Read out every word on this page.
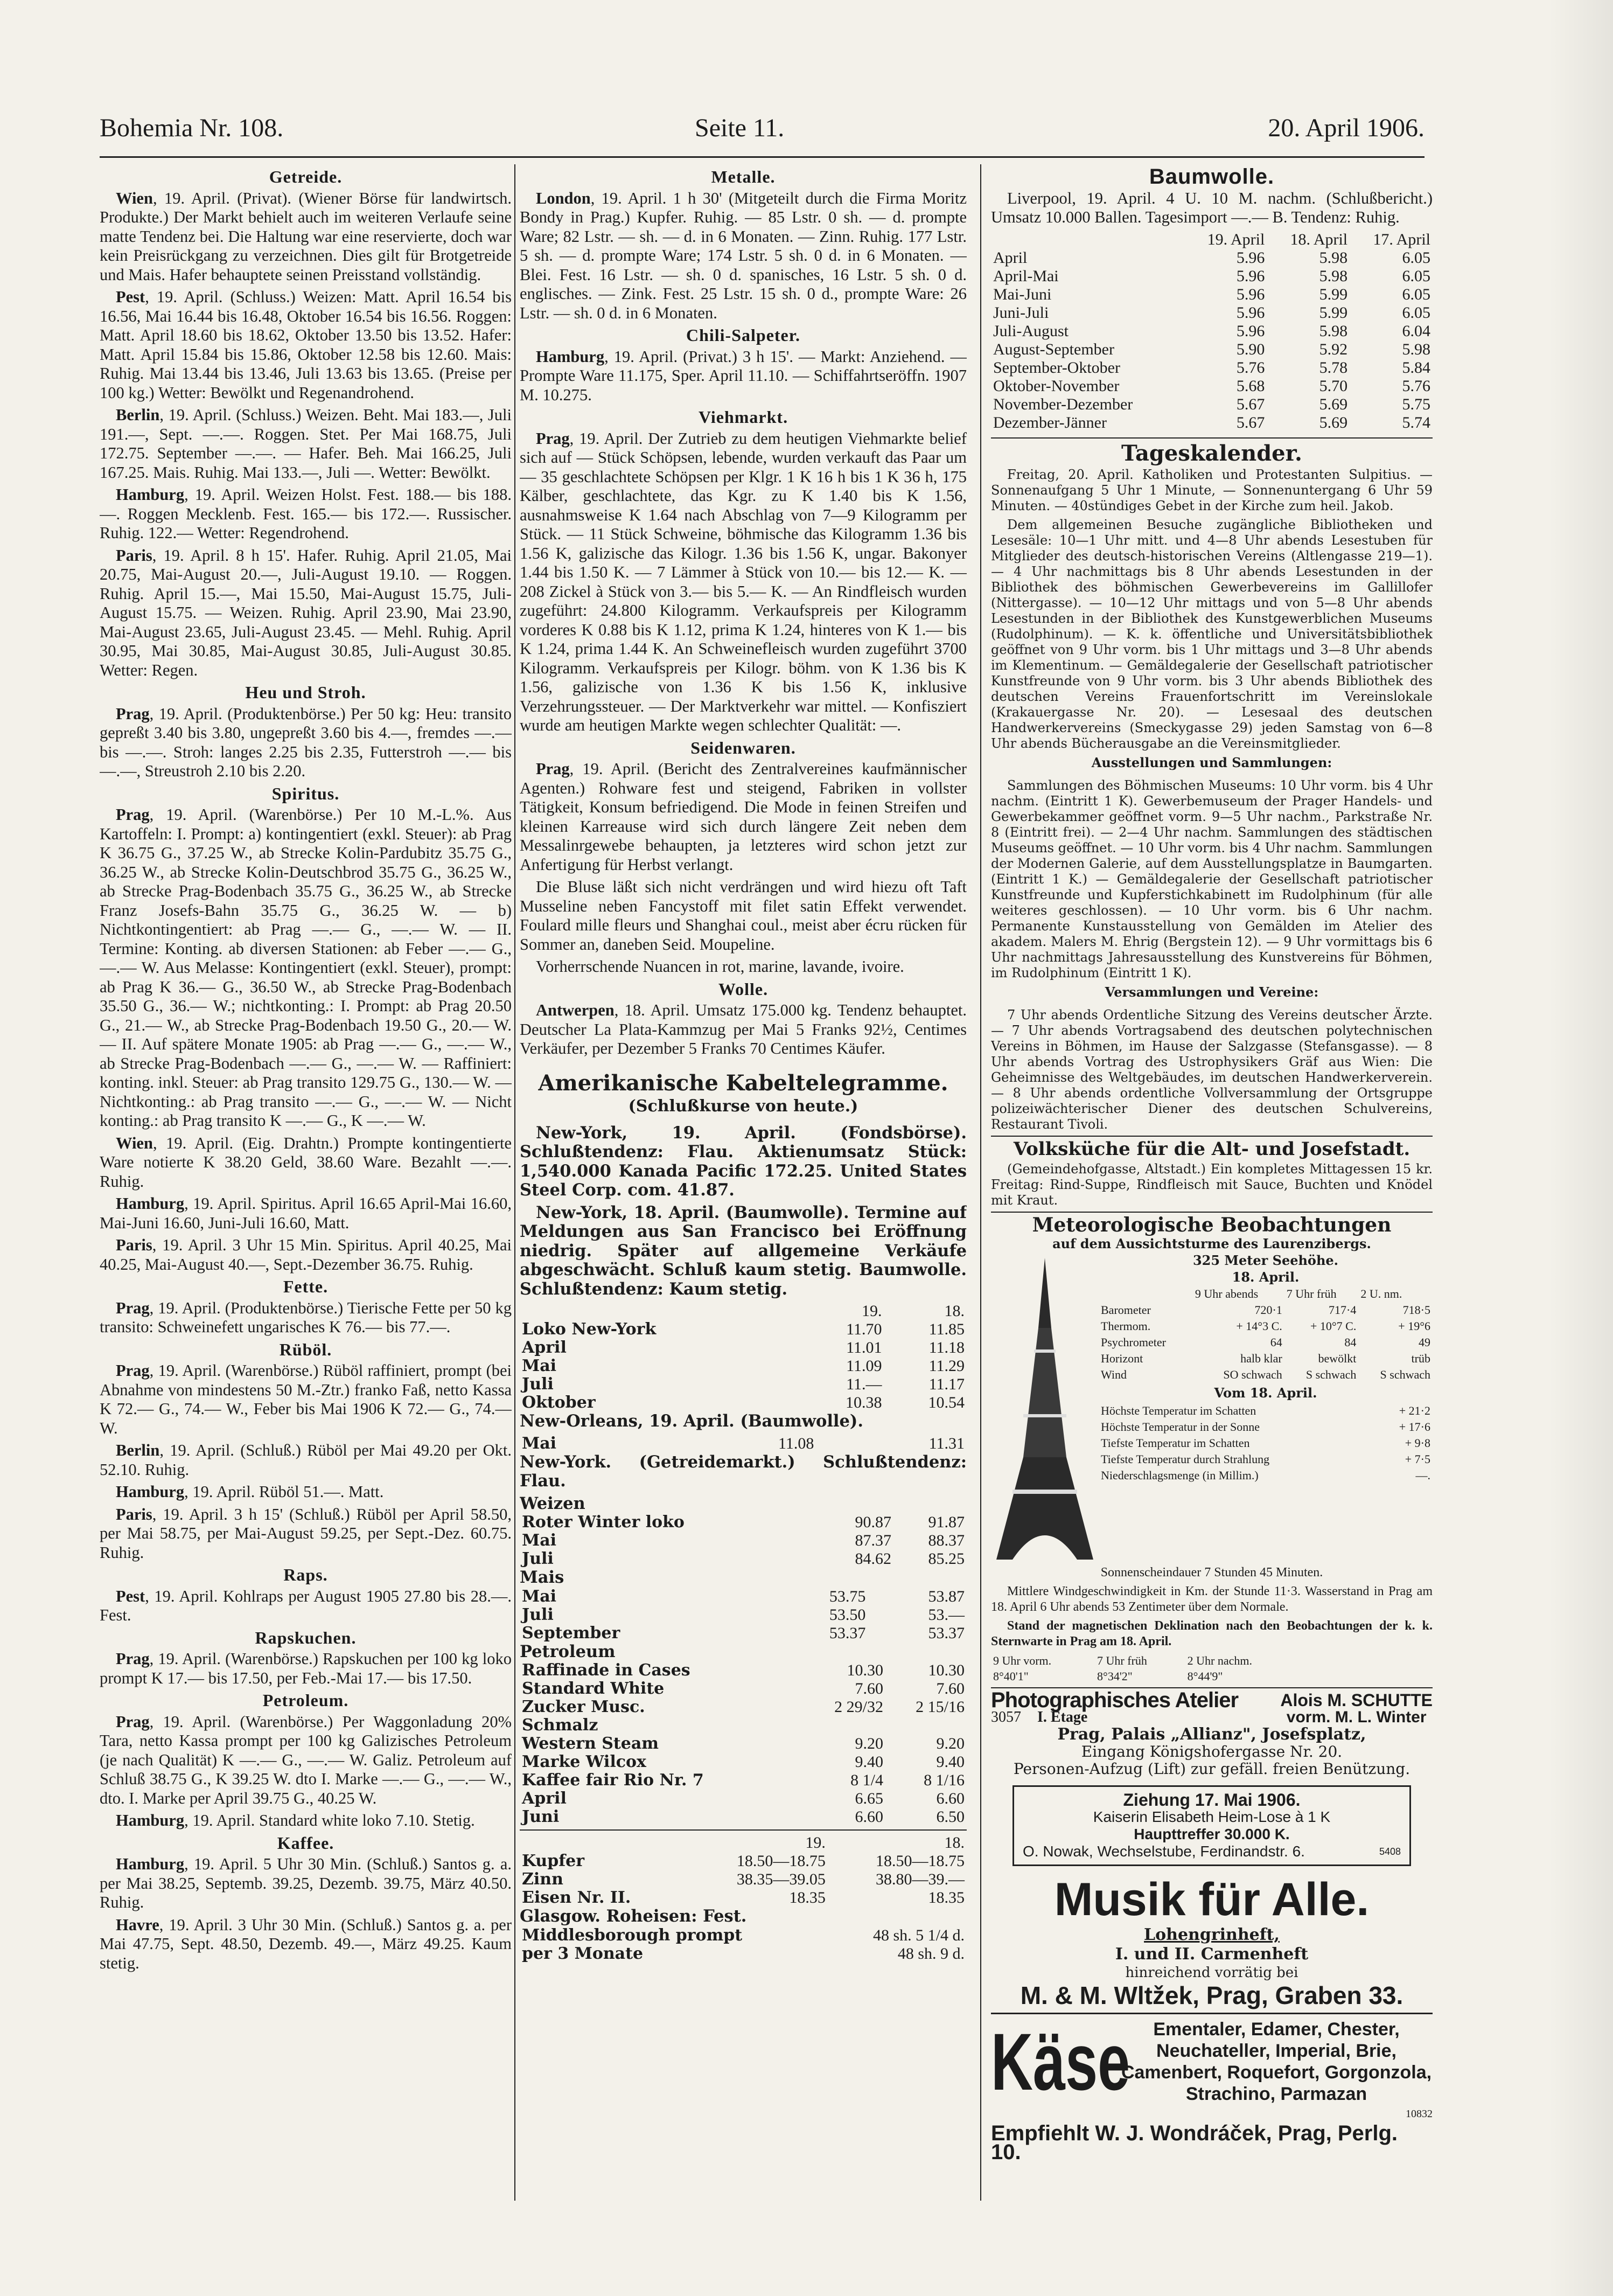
Bohemia Nr. 108.	Seite 11.	20. April 1906.
Getreide.

Wien, 19. April. (Privat). (Wiener Börse für landwirtsch. Produkte.) Der Markt behielt auch im weiteren Verlaufe seine matte Tendenz bei. Die Haltung war eine reservierte, doch war kein Preisrückgang zu verzeichnen. Dies gilt für Brotgetreide und Mais. Hafer behauptete seinen Preisstand vollständig.

Pest, 19. April. (Schluss.) Weizen: Matt. April 16.54 bis 16.56, Mai 16.44 bis 16.48, Oktober 16.54 bis 16.56. Roggen: Matt. April 18.60 bis 18.62, Oktober 13.50 bis 13.52. Hafer: Matt. April 15.84 bis 15.86, Oktober 12.58 bis 12.60. Mais: Ruhig. Mai 13.44 bis 13.46, Juli 13.63 bis 13.65. (Preise per 100 kg.) Wetter: Bewölkt und Regenandrohend.

Berlin, 19. April. (Schluss.) Weizen. Beht. Mai 183.—, Juli 191.—, Sept. —.—. Roggen. Stet. Per Mai 168.75, Juli 172.75. September —.—. — Hafer. Beh. Mai 166.25, Juli 167.25. Mais. Ruhig. Mai 133.—, Juli —. Wetter: Bewölkt.

Hamburg, 19. April. Weizen Holst. Fest. 188.— bis 188.—. Roggen Mecklenb. Fest. 165.— bis 172.—. Russischer. Ruhig. 122.— Wetter: Regendrohend.

Paris, 19. April. 8 h 15'. Hafer. Ruhig. April 21.05, Mai 20.75, Mai-August 20.—, Juli-August 19.10. — Roggen. Ruhig. April 15.—, Mai 15.50, Mai-August 15.75, Juli-August 15.75. — Weizen. Ruhig. April 23.90, Mai 23.90, Mai-August 23.65, Juli-August 23.45. — Mehl. Ruhig. April 30.95, Mai 30.85, Mai-August 30.85, Juli-August 30.85. Wetter: Regen.

Heu und Stroh.

Prag, 19. April. (Produktenbörse.) Per 50 kg: Heu: transito gepreßt 3.40 bis 3.80, ungepreßt 3.60 bis 4.—, fremdes —.— bis —.—. Stroh: langes 2.25 bis 2.35, Futterstroh —.— bis —.—, Streustroh 2.10 bis 2.20.

Spiritus.

Prag, 19. April. (Warenbörse.) Per 10 M.-L.%. Aus Kartoffeln: I. Prompt: a) kontingentiert (exkl. Steuer): ab Prag K 36.75 G., 37.25 W., ab Strecke Kolin-Pardubitz 35.75 G., 36.25 W., ab Strecke Kolin-Deutschbrod 35.75 G., 36.25 W., ab Strecke Prag-Bodenbach 35.75 G., 36.25 W., ab Strecke Franz Josefs-Bahn 35.75 G., 36.25 W. — b) Nichtkontingentiert: ab Prag —.— G., —.— W. — II. Termine: Konting. ab diversen Stationen: ab Feber —.— G., —.— W. Aus Melasse: Kontingentiert (exkl. Steuer), prompt: ab Prag K 36.— G., 36.50 W., ab Strecke Prag-Bodenbach 35.50 G., 36.— W.; nichtkonting.: I. Prompt: ab Prag 20.50 G., 21.— W., ab Strecke Prag-Bodenbach 19.50 G., 20.— W. — II. Auf spätere Monate 1905: ab Prag —.— G., —.— W., ab Strecke Prag-Bodenbach —.— G., —.— W. — Raffiniert: konting. inkl. Steuer: ab Prag transito 129.75 G., 130.— W. — Nichtkonting.: ab Prag transito —.— G., —.— W. — Nicht konting.: ab Prag transito K —.— G., K —.— W.

Wien, 19. April. (Eig. Drahtn.) Prompte kontingentierte Ware notierte K 38.20 Geld, 38.60 Ware. Bezahlt —.—. Ruhig.

Hamburg, 19. April. Spiritus. April 16.65 April-Mai 16.60, Mai-Juni 16.60, Juni-Juli 16.60, Matt.

Paris, 19. April. 3 Uhr 15 Min. Spiritus. April 40.25, Mai 40.25, Mai-August 40.—, Sept.-Dezember 36.75. Ruhig.

Fette.

Prag, 19. April. (Produktenbörse.) Tierische Fette per 50 kg transito: Schweinefett ungarisches K 76.— bis 77.—.

Rüböl.

Prag, 19. April. (Warenbörse.) Rüböl raffiniert, prompt (bei Abnahme von mindestens 50 M.-Ztr.) franko Faß, netto Kassa K 72.— G., 74.— W., Feber bis Mai 1906 K 72.— G., 74.— W.

Berlin, 19. April. (Schluß.) Rüböl per Mai 49.20 per Okt. 52.10. Ruhig.

Hamburg, 19. April. Rüböl 51.—. Matt.

Paris, 19. April. 3 h 15' (Schluß.) Rüböl per April 58.50, per Mai 58.75, per Mai-August 59.25, per Sept.-Dez. 60.75. Ruhig.

Raps.

Pest, 19. April. Kohlraps per August 1905 27.80 bis 28.—. Fest.

Rapskuchen.

Prag, 19. April. (Warenbörse.) Rapskuchen per 100 kg loko prompt K 17.— bis 17.50, per Feb.-Mai 17.— bis 17.50.

Petroleum.

Prag, 19. April. (Warenbörse.) Per Waggonladung 20% Tara, netto Kassa prompt per 100 kg Galizisches Petroleum (je nach Qualität) K —.— G., —.— W. Galiz. Petroleum auf Schluß 38.75 G., K 39.25 W. dto I. Marke —.— G., —.— W., dto. I. Marke per April 39.75 G., 40.25 W.

Hamburg, 19. April. Standard white loko 7.10. Stetig.

Kaffee.

Hamburg, 19. April. 5 Uhr 30 Min. (Schluß.) Santos g. a. per Mai 38.25, Septemb. 39.25, Dezemb. 39.75, März 40.50. Ruhig.

Havre, 19. April. 3 Uhr 30 Min. (Schluß.) Santos g. a. per Mai 47.75, Sept. 48.50, Dezemb. 49.—, März 49.25. Kaum stetig.

Metalle.

London, 19. April. 1 h 30' (Mitgeteilt durch die Firma Moritz Bondy in Prag.) Kupfer. Ruhig. — 85 Lstr. 0 sh. — d. prompte Ware; 82 Lstr. — sh. — d. in 6 Monaten. — Zinn. Ruhig. 177 Lstr. 5 sh. — d. prompte Ware; 174 Lstr. 5 sh. 0 d. in 6 Monaten. — Blei. Fest. 16 Lstr. — sh. 0 d. spanisches, 16 Lstr. 5 sh. 0 d. englisches. — Zink. Fest. 25 Lstr. 15 sh. 0 d., prompte Ware: 26 Lstr. — sh. 0 d. in 6 Monaten.

Chili-Salpeter.

Hamburg, 19. April. (Privat.) 3 h 15'. — Markt: Anziehend. — Prompte Ware 11.175, Sper. April 11.10. — Schiffahrtseröffn. 1907 M. 10.275.

Viehmarkt.

Prag, 19. April. Der Zutrieb zu dem heutigen Viehmarkte belief sich auf — Stück Schöpsen, lebende, wurden verkauft das Paar um — 35 geschlachtete Schöpsen per Klgr. 1 K 16 h bis 1 K 36 h, 175 Kälber, geschlachtete, das Kgr. zu K 1.40 bis K 1.56, ausnahmsweise K 1.64 nach Abschlag von 7—9 Kilogramm per Stück. — 11 Stück Schweine, böhmische das Kilogramm 1.36 bis 1.56 K, galizische das Kilogr. 1.36 bis 1.56 K, ungar. Bakonyer 1.44 bis 1.50 K. — 7 Lämmer à Stück von 10.— bis 12.— K. — 208 Zickel à Stück von 3.— bis 5.— K. — An Rindfleisch wurden zugeführt: 24.800 Kilogramm. Verkaufspreis per Kilogramm vorderes K 0.88 bis K 1.12, prima K 1.24, hinteres von K 1.— bis K 1.24, prima 1.44 K. An Schweinefleisch wurden zugeführt 3700 Kilogramm. Verkaufspreis per Kilogr. böhm. von K 1.36 bis K 1.56, galizische von 1.36 K bis 1.56 K, inklusive Verzehrungssteuer. — Der Marktverkehr war mittel. — Konfisziert wurde am heutigen Markte wegen schlechter Qualität: —.

Seidenwaren.

Prag, 19. April. (Bericht des Zentralvereines kaufmännischer Agenten.) Rohware fest und steigend, Fabriken in vollster Tätigkeit, Konsum befriedigend. Die Mode in feinen Streifen und kleinen Karreause wird sich durch längere Zeit neben dem Messalinrgewebe behaupten, ja letzteres wird schon jetzt zur Anfertigung für Herbst verlangt.

Die Bluse läßt sich nicht verdrängen und wird hiezu oft Taft Musseline neben Fancystoff mit filet satin Effekt verwendet. Foulard mille fleurs und Shanghai coul., meist aber écru rücken für Sommer an, daneben Seid. Moupeline.

Vorherrschende Nuancen in rot, marine, lavande, ivoire.

Wolle.

Antwerpen, 18. April. Umsatz 175.000 kg. Tendenz behauptet. Deutscher La Plata-Kammzug per Mai 5 Franks 92½, Centimes Verkäufer, per Dezember 5 Franks 70 Centimes Käufer.

Amerikanische Kabeltelegramme.
(Schlußkurse von heute.)

New-York, 19. April. (Fondsbörse). Schlußtendenz: Flau. Aktienumsatz Stück: 1,540.000 Kanada Pacific 172.25. United States Steel Corp. com. 41.87.

New-York, 18. April. (Baumwolle). Termine auf Meldungen aus San Francisco bei Eröffnung niedrig. Später auf allgemeine Verkäufe abgeschwächt. Schluß kaum stetig. Baumwolle. Schlußtendenz: Kaum stetig.

	19.	18.
Loko New-York	11.70	11.85
April	11.01	11.18
Mai	11.09	11.29
Juli	11.—	11.17
Oktober	10.38	10.54

New-Orleans, 19. April. (Baumwolle).

Mai	11.08	11.31

New-York. (Getreidemarkt.) Schlußtendenz: Flau.

Weizen
Roter Winter loko	90.87	91.87
Mai	87.37	88.37
Juli	84.62	85.25
Mais
Mai	53.75	53.87
Juli	53.50	53.—
September	53.37	53.37
Petroleum
Raffinade in Cases	10.30	10.30
Standard White	7.60	7.60
Zucker Musc.	2 29/32	2 15/16
Schmalz		
Western Steam	9.20	9.20
Marke Wilcox	9.40	9.40
Kaffee fair Rio Nr. 7	8 1/4	8 1/16
April	6.65	6.60
Juni	6.60	6.50
	19.	18.
Kupfer	18.50—18.75	18.50—18.75
Zinn	38.35—39.05	38.80—39.—
Eisen Nr. II.	18.35	18.35
Glasgow. Roheisen: Fest.
Middlesborough prompt	48 sh. 5 1/4 d.
per 3 Monate	48 sh. 9 d.
Baumwolle.

Liverpool, 19. April. 4 U. 10 M. nachm. (Schlußbericht.) Umsatz 10.000 Ballen. Tagesimport —.— B. Tendenz: Ruhig.

	19. April	18. April	17. April
April	5.96	5.98	6.05
April-Mai	5.96	5.98	6.05
Mai-Juni	5.96	5.99	6.05
Juni-Juli	5.96	5.99	6.05
Juli-August	5.96	5.98	6.04
August-September	5.90	5.92	5.98
September-Oktober	5.76	5.78	5.84
Oktober-November	5.68	5.70	5.76
November-Dezember	5.67	5.69	5.75
Dezember-Jänner	5.67	5.69	5.74
Tageskalender.

Freitag, 20. April. Katholiken und Protestanten Sulpitius. — Sonnenaufgang 5 Uhr 1 Minute, — Sonnenuntergang 6 Uhr 59 Minuten. — 40stündiges Gebet in der Kirche zum heil. Jakob.

Dem allgemeinen Besuche zugängliche Bibliotheken und Lesesäle: 10—1 Uhr mitt. und 4—8 Uhr abends Lesestuben für Mitglieder des deutsch-historischen Vereins (Altlengasse 219—1). — 4 Uhr nachmittags bis 8 Uhr abends Lesestunden in der Bibliothek des böhmischen Gewerbevereins im Gallillofer (Nittergasse). — 10—12 Uhr mittags und von 5—8 Uhr abends Lesestunden in der Bibliothek des Kunstgewerblichen Museums (Rudolphinum). — K. k. öffentliche und Universitätsbibliothek geöffnet von 9 Uhr vorm. bis 1 Uhr mittags und 3—8 Uhr abends im Klementinum. — Gemäldegalerie der Gesellschaft patriotischer Kunstfreunde von 9 Uhr vorm. bis 3 Uhr abends Bibliothek des deutschen Vereins Frauenfortschritt im Vereinslokale (Krakauergasse Nr. 20). — Lesesaal des deutschen Handwerkervereins (Smeckygasse 29) jeden Samstag von 6—8 Uhr abends Bücherausgabe an die Vereinsmitglieder.

Ausstellungen und Sammlungen:

Sammlungen des Böhmischen Museums: 10 Uhr vorm. bis 4 Uhr nachm. (Eintritt 1 K). Gewerbemuseum der Prager Handels- und Gewerbekammer geöffnet vorm. 9—5 Uhr nachm., Parkstraße Nr. 8 (Eintritt frei). — 2—4 Uhr nachm. Sammlungen des städtischen Museums geöffnet. — 10 Uhr vorm. bis 4 Uhr nachm. Sammlungen der Modernen Galerie, auf dem Ausstellungsplatze in Baumgarten. (Eintritt 1 K.) — Gemäldegalerie der Gesellschaft patriotischer Kunstfreunde und Kupferstichkabinett im Rudolphinum (für alle weiteres geschlossen). — 10 Uhr vorm. bis 6 Uhr nachm. Permanente Kunstausstellung von Gemälden im Atelier des akadem. Malers M. Ehrig (Bergstein 12). — 9 Uhr vormittags bis 6 Uhr nachmittags Jahresausstellung des Kunstvereins für Böhmen, im Rudolphinum (Eintritt 1 K).

Versammlungen und Vereine:

7 Uhr abends Ordentliche Sitzung des Vereins deutscher Ärzte. — 7 Uhr abends Vortragsabend des deutschen polytechnischen Vereins in Böhmen, im Hause der Salzgasse (Stefansgasse). — 8 Uhr abends Vortrag des Ustrophysikers Gräf aus Wien: Die Geheimnisse des Weltgebäudes, im deutschen Handwerkerverein. — 8 Uhr abends ordentliche Vollversammlung der Ortsgruppe polizeiwächterischer Diener des deutschen Schulvereins, Restaurant Tivoli.

Volksküche für die Alt- und Josefstadt.

(Gemeindehofgasse, Altstadt.) Ein kompletes Mittagessen 15 kr. Freitag: Rind-Suppe, Rindfleisch mit Sauce, Buchten und Knödel mit Kraut.

Meteorologische Beobachtungen
auf dem Aussichtsturme des Laurenzibergs.
325 Meter Seehöhe.
18. April.
	9 Uhr abends	7 Uhr früh	2 U. nm.
Barometer	720·1	717·4	718·5
Thermom.	+ 14°3 C.	+ 10°7 C.	+ 19°6
Psychrometer	64	84	49
Horizont	halb klar	bewölkt	trüb
Wind	SO schwach	S schwach	S schwach
Vom 18. April.
Höchste Temperatur im Schatten	+ 21·2
Höchste Temperatur in der Sonne	+ 17·6
Tiefste Temperatur im Schatten	+ 9·8
Tiefste Temperatur durch Strahlung	+ 7·5
Niederschlagsmenge (in Millim.)	—.

Sonnenscheindauer 7 Stunden 45 Minuten.

Mittlere Windgeschwindigkeit in Km. der Stunde 11·3. Wasserstand in Prag am 18. April 6 Uhr abends 53 Zentimeter über dem Normale.

Stand der magnetischen Deklination nach den Beobachtungen der k. k. Sternwarte in Prag am 18. April.

9 Uhr vorm.	7 Uhr früh	2 Uhr nachm.
8°40'1"	8°34'2"	8°44'9"
Photographisches Atelier
3057 I. Etage
Alois M. SCHUTTE
vorm. M. L. Winter
Prag, Palais „Allianz", Josefsplatz,
Eingang Königshofergasse Nr. 20.
Personen-Aufzug (Lift) zur gefäll. freien Benützung.
Ziehung 17. Mai 1906.
Kaiserin Elisabeth Heim-Lose à 1 K
Haupttreffer 30.000 K.
O. Nowak, Wechselstube, Ferdinandstr. 6.	5408
Musik für Alle.
Lohengrinheft,
I. und II. Carmenheft
hinreichend vorrätig bei
M. & M. Wltžek, Prag, Graben 33.
Käse	Ementaler, Edamer, Chester, Neuchateller, Imperial, Brie, Camenbert, Roquefort, Gorgonzola, Strachino, Parmazan
10832
Empfiehlt W. J. Wondráček, Prag, Perlg. 10.
